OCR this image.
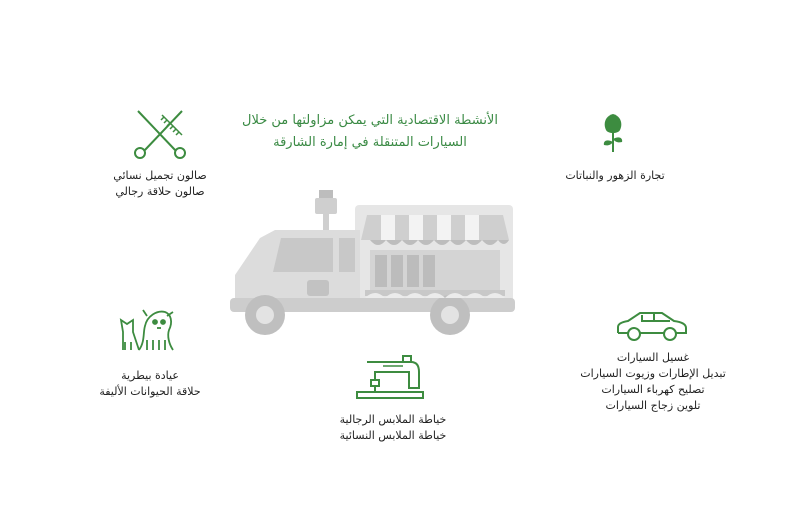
الأنشطة الاقتصادية التي يمكن مزاولتها من خلال
السيارات المتنقلة في إمارة الشارقة
صالون تجميل نسائي
صالون حلاقة رجالي
تجارة الزهور والنباتات
عيادة بيطرية
حلاقة الحيوانات الأليفة
خياطة الملابس الرجالية
خياطة الملابس النسائية
غسيل السيارات
تبديل الإطارات وزيوت السيارات
تصليح كهرباء السيارات
تلوين زجاج السيارات
